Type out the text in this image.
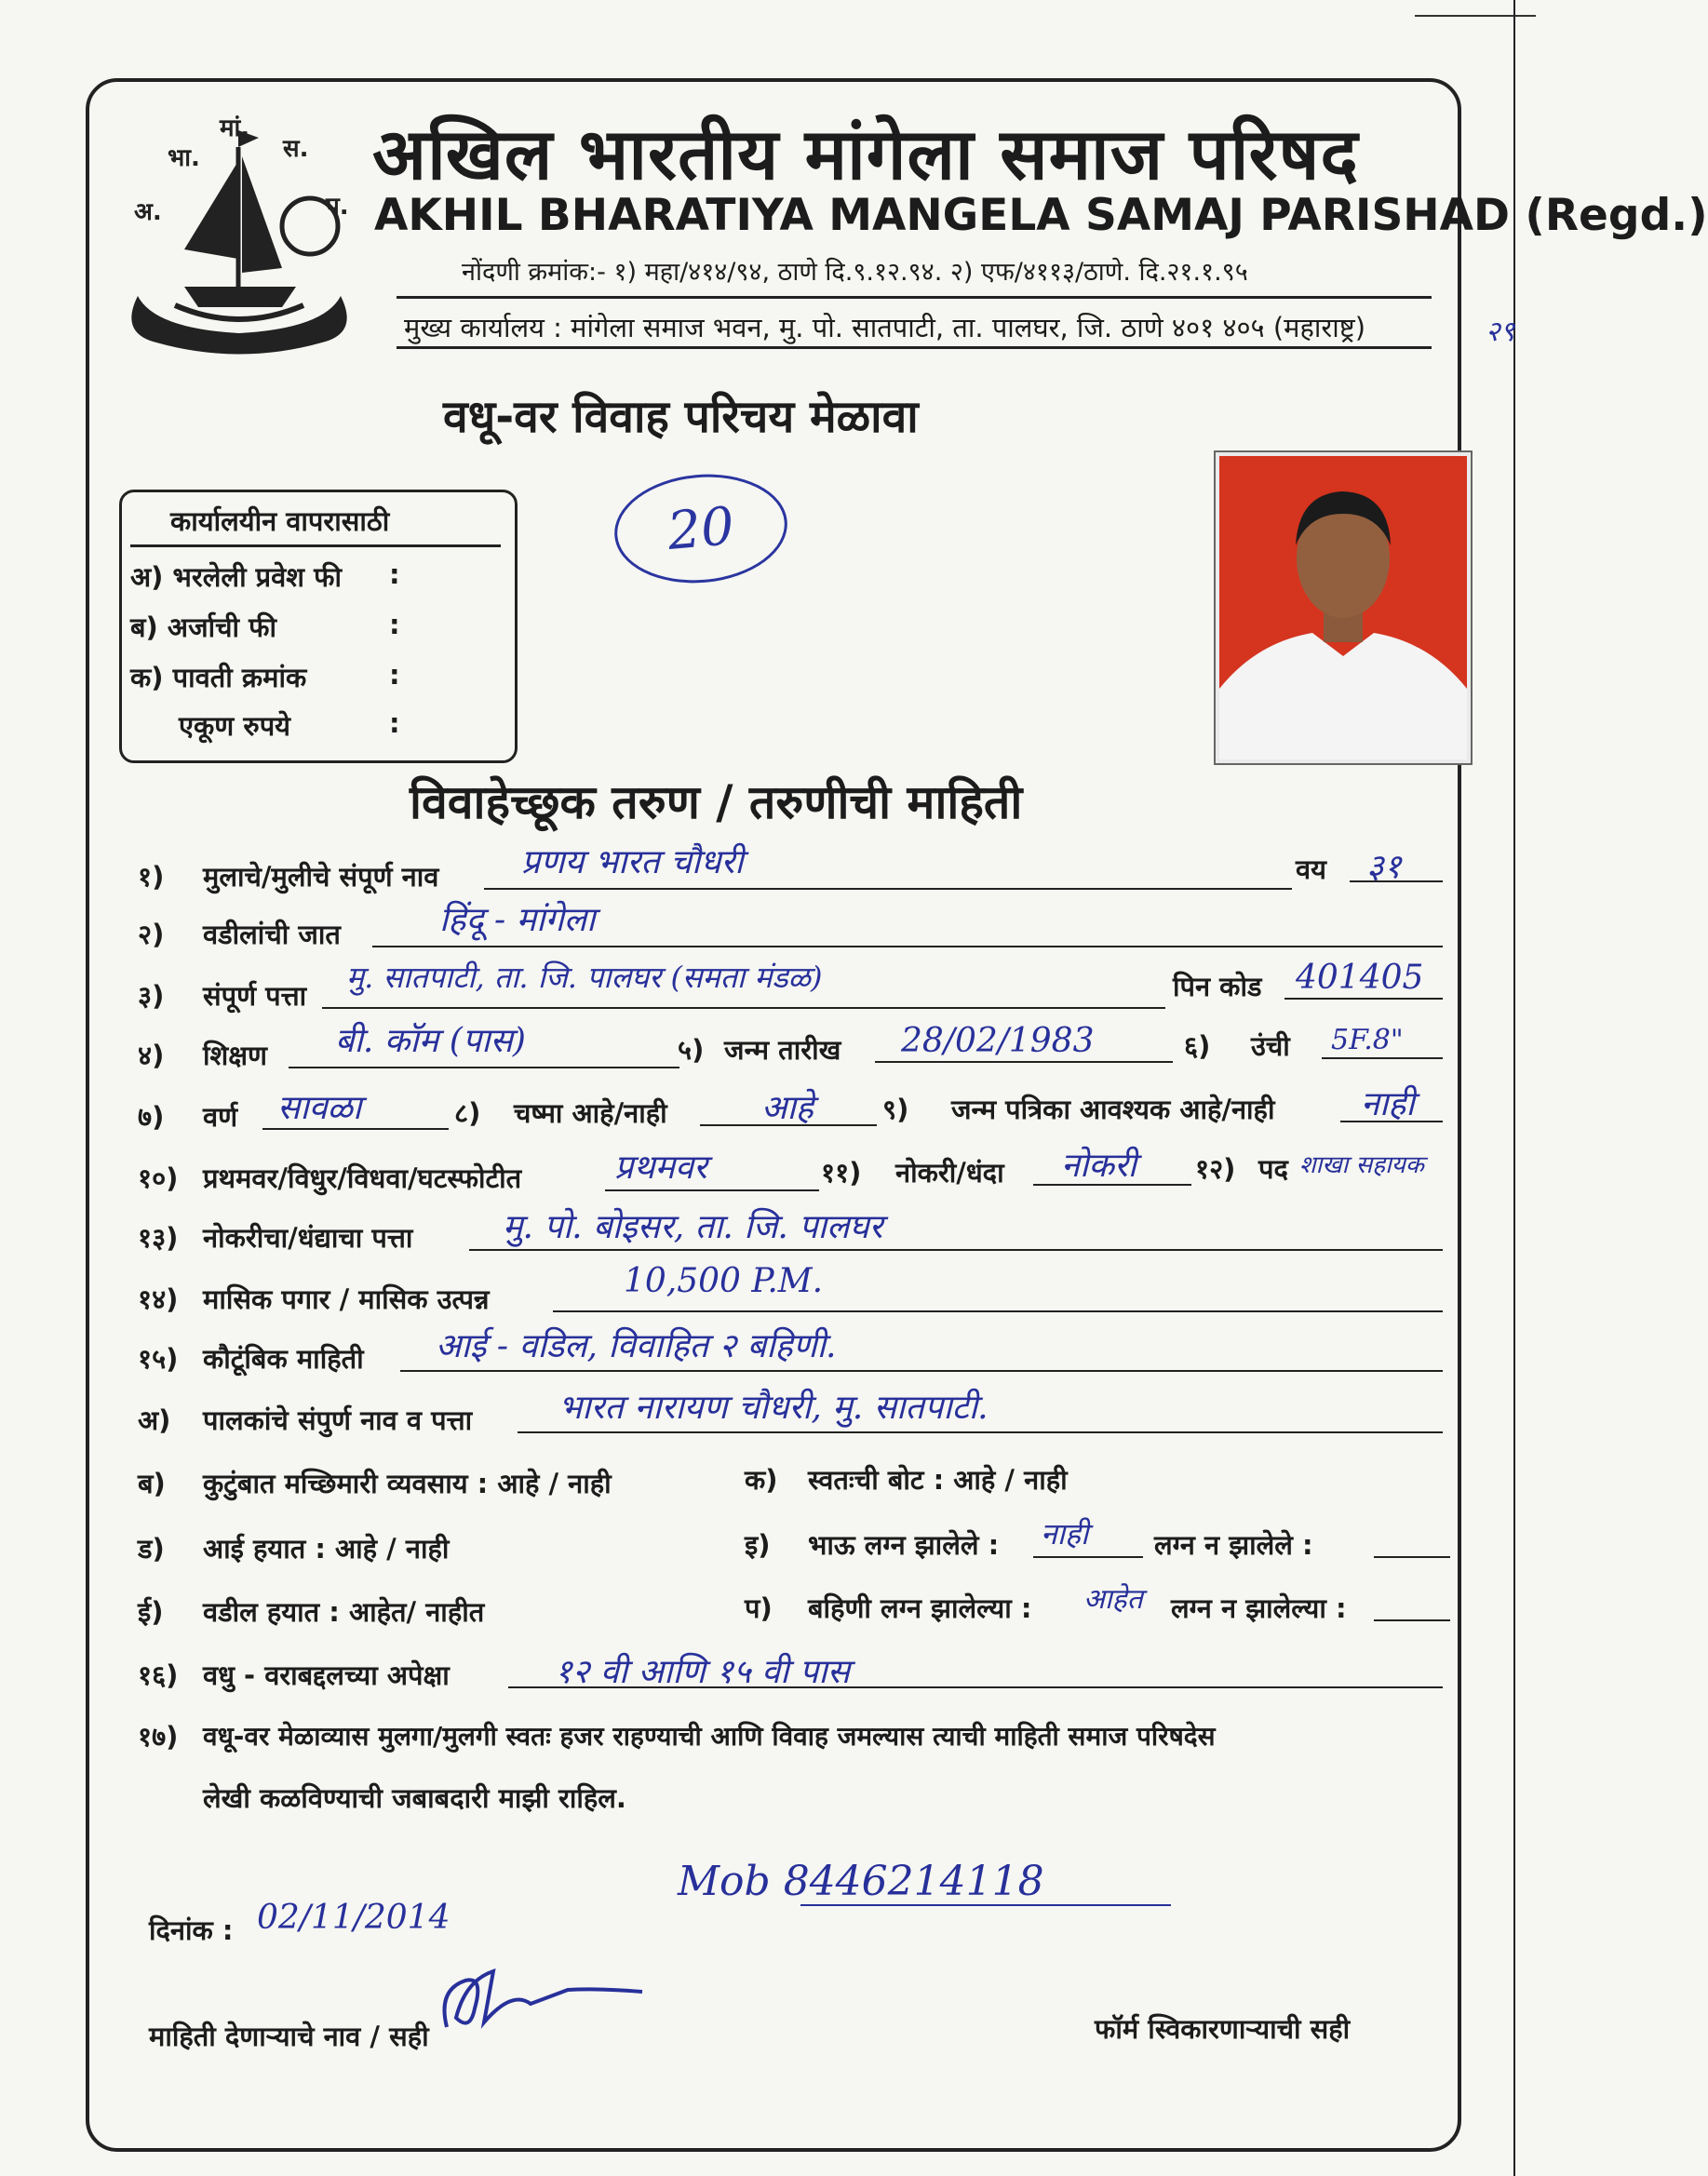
अ.
भा.
मां.
स.
प.
अखिल भारतीय मांगेला समाज परिषद
AKHIL BHARATIYA MANGELA SAMAJ PARISHAD (Regd.)
नोंदणी क्रमांक:- १) महा/४१४/९४, ठाणे दि.९.१२.९४. २) एफ/४११३/ठाणे. दि.२१.१.९५
मुख्य कार्यालय : मांगेला समाज भवन, मु. पो. सातपाटी, ता. पालघर, जि. ठाणे ४०१ ४०५ (महाराष्ट्र)	२९
वधू-वर विवाह परिचय मेळावा
कार्यालयीन वापरासाठी
अ) भरलेली प्रवेश फी :
ब) अर्जाची फी	:
क) पावती क्रमांक	:
एकूण रुपये	:
20
विवाहेच्छूक तरुण / तरुणीची माहिती
१) मुलाचे/मुलीचे संपूर्ण नाव प्रणय भारत चौधरी	वय ३१
२) वडीलांची जात	हिंदू - मांगेला
३) संपूर्ण पत्ता
मु. सातपाटी, ता. जि. पालघर (समता मंडळ)	पिन कोड 401405
४) शिक्षण बी. कॉम (पास)	५) जन्म तारीख 28/02/1983	६) उंची 5F.8"
७) वर्ण सावळा	८) चष्मा आहे/नाही	आहे	९) जन्म पत्रिका आवश्यक आहे/नाही	नाही
१०) प्रथमवर/विधुर/विधवा/घटस्फोटीत	प्रथमवर	११) नोकरी/धंदा नोकरी १२) पद शाखा सहायक
१३) नोकरीचा/धंद्याचा पत्ता	मु. पो. बोइसर, ता. जि. पालघर
१४) मासिक पगार / मासिक उत्पन्न	10,500 P.M.
१५) कौटूंबिक माहिती आई - वडिल, विवाहित २ बहिणी.
अ) पालकांचे संपुर्ण नाव व पत्ता	भारत नारायण चौधरी, मु. सातपाटी.
ब) कुटुंबात मच्छिमारी व्यवसाय : आहे / नाही	क) स्वतःची बोट : आहे / नाही
ड) आई हयात : आहे / नाही	इ) भाऊ लग्न झालेले : नाही लग्न न झालेले :
ई) वडील हयात : आहेत/ नाहीत	प) बहिणी लग्न झालेल्या : आहेत लग्न न झालेल्या :
१६) वधु - वराबद्दलच्या अपेक्षा	१२ वी आणि १५ वी पास
१७) वधू-वर मेळाव्यास मुलगा/मुलगी स्वतः हजर राहण्याची आणि विवाह जमल्यास त्याची माहिती समाज परिषदेस
लेखी कळविण्याची जबाबदारी माझी राहिल.
Mob 8446214118
दिनांक : 02/11/2014
माहिती देणाऱ्याचे नाव / सही	फॉर्म स्विकारणाऱ्याची सही
